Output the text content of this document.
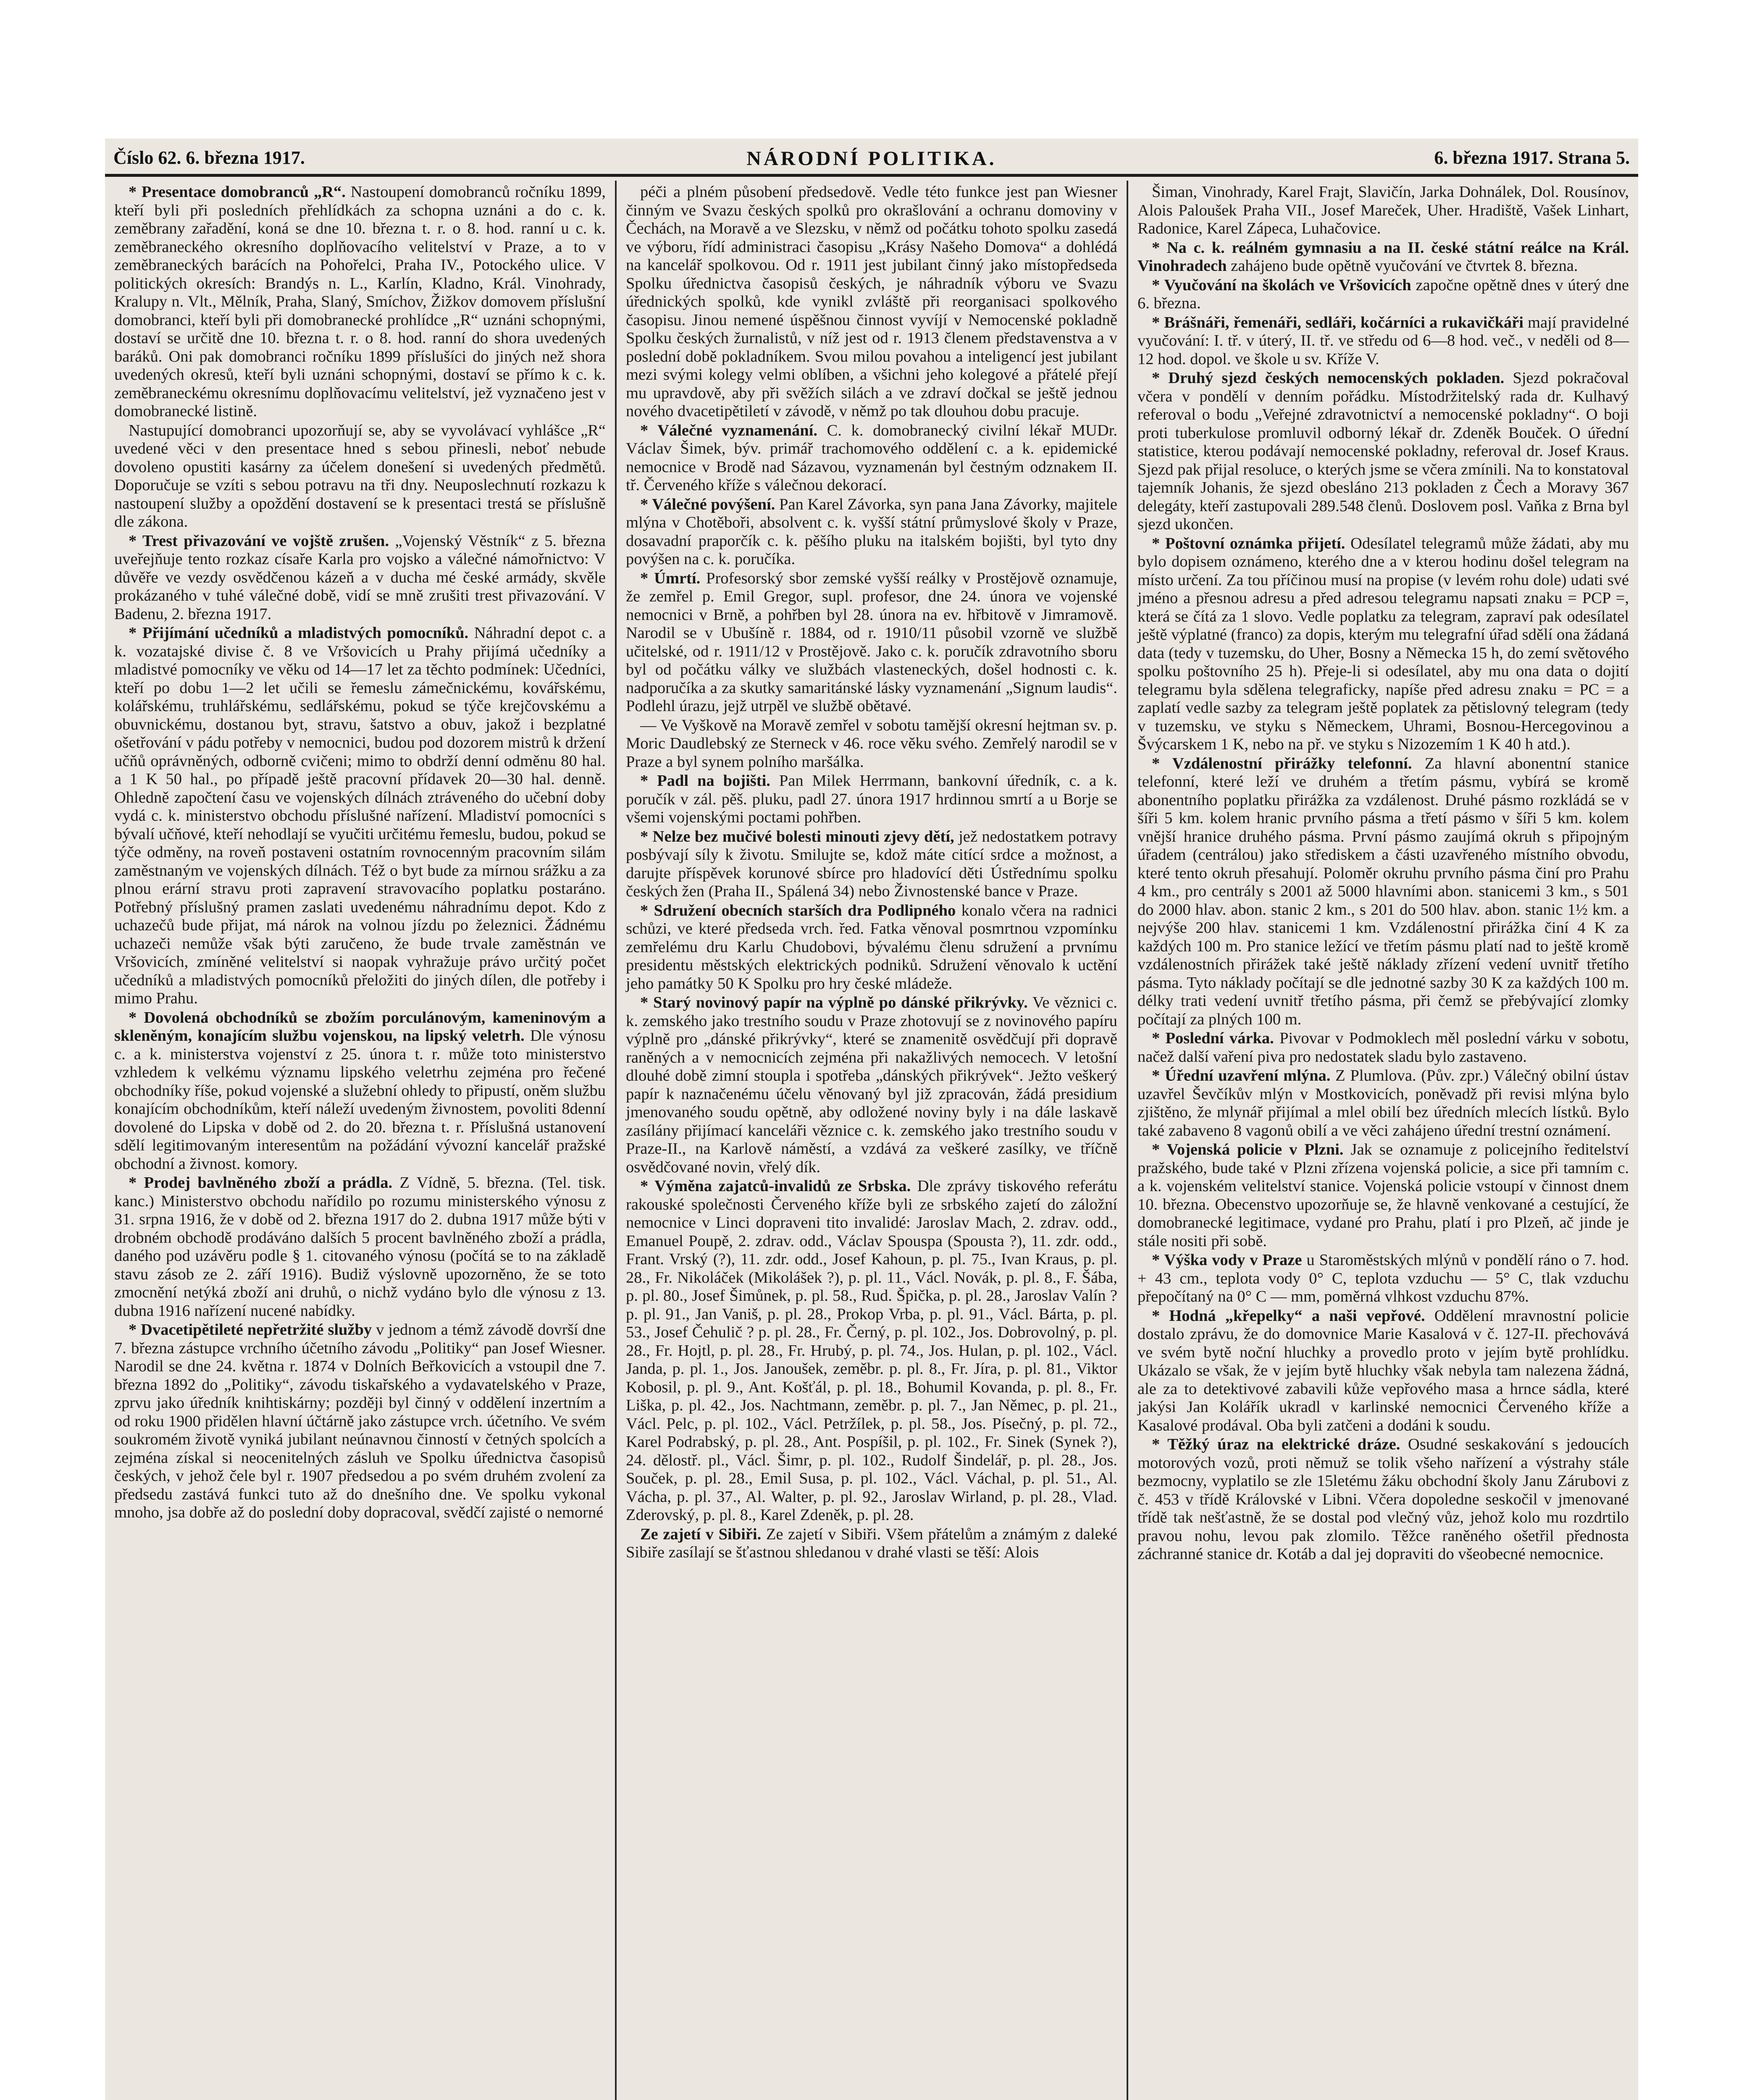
Číslo 62. 6. března 1917.	NÁRODNÍ POLITIKA.	6. března 1917. Strana 5.

* Presentace domobranců „R“. Nastoupení domobranců ročníku 1899, kteří byli při posledních přehlídkách za schopna uznáni a do c. k. zeměbrany zařadění, koná se dne 10. března t. r. o 8. hod. ranní u c. k. zeměbraneckého okresního doplňovacího velitelství v Praze, a to v zeměbraneckých barácích na Pohořelci, Praha IV., Potockého ulice. V politických okresích: Brandýs n. L., Karlín, Kladno, Král. Vinohrady, Kralupy n. Vlt., Mělník, Praha, Slaný, Smíchov, Žižkov domovem příslušní domobranci, kteří byli při domobranecké prohlídce „R“ uznáni schopnými, dostaví se určitě dne 10. března t. r. o 8. hod. ranní do shora uvedených baráků. Oni pak domobranci ročníku 1899 příslušíci do jiných než shora uvedených okresů, kteří byli uznáni schopnými, dostaví se přímo k c. k. zeměbraneckému okresnímu doplňovacímu velitelství, jež vyznačeno jest v domobranecké listině.

Nastupující domobranci upozorňují se, aby se vyvolávací vyhlášce „R“ uvedené věci v den presentace hned s sebou přinesli, neboť nebude dovoleno opustiti kasárny za účelem donešení si uvedených předmětů. Doporučuje se vzíti s sebou potravu na tři dny. Neuposlechnutí rozkazu k nastoupení služby a opoždění dostavení se k presentaci trestá se příslušně dle zákona.

* Trest přivazování ve vojště zrušen. „Vojenský Věstník“ z 5. března uveřejňuje tento rozkaz císaře Karla pro vojsko a válečné námořnictvo: V důvěře ve vezdy osvědčenou kázeň a v ducha mé české armády, skvěle prokázaného v tuhé válečné době, vidí se mně zrušiti trest přivazování. V Badenu, 2. března 1917.

* Přijímání učedníků a mladistvých pomocníků. Náhradní depot c. a k. vozatajské divise č. 8 ve Vršovicích u Prahy přijímá učedníky a mladistvé pomocníky ve věku od 14—17 let za těchto podmínek: Učedníci, kteří po dobu 1—2 let učili se řemeslu zámečnickému, kovářskému, kolářskému, truhlářskému, sedlářskému, pokud se týče krejčovskému a obuvnickému, dostanou byt, stravu, šatstvo a obuv, jakož i bezplatné ošetřování v pádu potřeby v nemocnici, budou pod dozorem mistrů k držení učňů oprávněných, odborně cvičeni; mimo to obdrží denní odměnu 80 hal. a 1 K 50 hal., po případě ještě pracovní přídavek 20—30 hal. denně. Ohledně započtení času ve vojenských dílnách ztráveného do učební doby vydá c. k. ministerstvo obchodu příslušné nařízení. Mladiství pomocníci s bývalí učňové, kteří nehodlají se vyučiti určitému řemeslu, budou, pokud se týče odměny, na roveň postaveni ostatním rovnocenným pracovním silám zaměstnaným ve vojenských dílnách. Též o byt bude za mírnou srážku a za plnou erární stravu proti zapravení stravovacího poplatku postaráno. Potřebný příslušný pramen zaslati uvedenému náhradnímu depot. Kdo z uchazečů bude přijat, má nárok na volnou jízdu po železnici. Žádnému uchazeči nemůže však býti zaručeno, že bude trvale zaměstnán ve Vršovicích, zmíněné velitelství si naopak vyhražuje právo určitý počet učedníků a mladistvých pomocníků přeložiti do jiných dílen, dle potřeby i mimo Prahu.

* Dovolená obchodníků se zbožím porculánovým, kameninovým a skleněným, konajícím službu vojenskou, na lipský veletrh. Dle výnosu c. a k. ministerstva vojenství z 25. února t. r. může toto ministerstvo vzhledem k velkému významu lipského veletrhu zejména pro řečené obchodníky říše, pokud vojenské a služební ohledy to připustí, oněm službu konajícím obchodníkům, kteří náleží uvedeným živnostem, povoliti 8denní dovolené do Lipska v době od 2. do 20. března t. r. Příslušná ustanovení sdělí legitimovaným interesentům na požádání vývozní kancelář pražské obchodní a živnost. komory.

* Prodej bavlněného zboží a prádla. Z Vídně, 5. března. (Tel. tisk. kanc.) Ministerstvo obchodu nařídilo po rozumu ministerského výnosu z 31. srpna 1916, že v době od 2. března 1917 do 2. dubna 1917 může býti v drobném obchodě prodáváno dalších 5 procent bavlněného zboží a prádla, daného pod uzávěru podle § 1. citovaného výnosu (počítá se to na základě stavu zásob ze 2. září 1916). Budiž výslovně upozorněno, že se toto zmocnění netýká zboží ani druhů, o nichž vydáno bylo dle výnosu z 13. dubna 1916 nařízení nucené nabídky.

* Dvacetipětileté nepřetržité služby v jednom a témž závodě dovrší dne 7. března zástupce vrchního účetního závodu „Politiky“ pan Josef Wiesner. Narodil se dne 24. května r. 1874 v Dolních Beřkovicích a vstoupil dne 7. března 1892 do „Politiky“, závodu tiskařského a vydavatelského v Praze, zprvu jako úředník knihtiskárny; později byl činný v oddělení inzertním a od roku 1900 přidělen hlavní účtárně jako zástupce vrch. účetního. Ve svém soukromém životě vyniká jubilant neúnavnou činností v četných spolcích a zejména získal si neocenitelných zásluh ve Spolku úřednictva časopisů českých, v jehož čele byl r. 1907 předsedou a po svém druhém zvolení za předsedu zastává funkci tuto až do dnešního dne. Ve spolku vykonal mnoho, jsa dobře až do poslední doby dopracoval, svědčí zajisté o nemorné

péči a plném působení předsedově. Vedle této funkce jest pan Wiesner činným ve Svazu českých spolků pro okrašlování a ochranu domoviny v Čechách, na Moravě a ve Slezsku, v němž od počátku tohoto spolku zasedá ve výboru, řídí administraci časopisu „Krásy Našeho Domova“ a dohlédá na kancelář spolkovou. Od r. 1911 jest jubilant činný jako místopředseda Spolku úřednictva časopisů českých, je náhradník výboru ve Svazu úřednických spolků, kde vynikl zvláště při reorganisaci spolkového časopisu. Jinou nemené úspěšnou činnost vyvíjí v Nemocenské pokladně Spolku českých žurnalistů, v níž jest od r. 1913 členem představenstva a v poslední době pokladníkem. Svou milou povahou a inteligencí jest jubilant mezi svými kolegy velmi oblíben, a všichni jeho kolegové a přátelé přejí mu upravdově, aby při svěžích silách a ve zdraví dočkal se ještě jednou nového dvacetipětiletí v závodě, v němž po tak dlouhou dobu pracuje.

* Válečné vyznamenání. C. k. domobranecký civilní lékař MUDr. Václav Šimek, býv. primář trachomového oddělení c. a k. epidemické nemocnice v Brodě nad Sázavou, vyznamenán byl čestným odznakem II. tř. Červeného kříže s válečnou dekorací.

* Válečné povýšení. Pan Karel Závorka, syn pana Jana Závorky, majitele mlýna v Chotěboři, absolvent c. k. vyšší státní průmyslové školy v Praze, dosavadní praporčík c. k. pěšího pluku na italském bojišti, byl tyto dny povýšen na c. k. poručíka.

* Úmrtí. Profesorský sbor zemské vyšší reálky v Prostějově oznamuje, že zemřel p. Emil Gregor, supl. profesor, dne 24. února ve vojenské nemocnici v Brně, a pohřben byl 28. února na ev. hřbitově v Jimramově. Narodil se v Ubušíně r. 1884, od r. 1910/11 působil vzorně ve službě učitelské, od r. 1911/12 v Prostějově. Jako c. k. poručík zdravotního sboru byl od počátku války ve službách vlasteneckých, došel hodnosti c. k. nadporučíka a za skutky samaritánské lásky vyznamenání „Signum laudis“. Podlehl úrazu, jejž utrpěl ve službě obětavé.

— Ve Vyškově na Moravě zemřel v sobotu tamější okresní hejtman sv. p. Moric Daudlebský ze Sterneck v 46. roce věku svého. Zemřelý narodil se v Praze a byl synem polního maršálka.

* Padl na bojišti. Pan Milek Herrmann, bankovní úředník, c. a k. poručík v zál. pěš. pluku, padl 27. února 1917 hrdinnou smrtí a u Borje se všemi vojenskými poctami pohřben.

* Nelze bez mučivé bolesti minouti zjevy dětí, jež nedostatkem potravy posbývají síly k životu. Smilujte se, kdož máte citící srdce a možnost, a darujte příspěvek korunové sbírce pro hladovící děti Ústřednímu spolku českých žen (Praha II., Spálená 34) nebo Živnostenské bance v Praze.

* Sdružení obecních starších dra Podlipného konalo včera na radnici schůzi, ve které předseda vrch. řed. Fatka věnoval posmrtnou vzpomínku zemřelému dru Karlu Chudobovi, bývalému členu sdružení a prvnímu presidentu městských elektrických podniků. Sdružení věnovalo k uctění jeho památky 50 K Spolku pro hry české mládeže.

* Starý novinový papír na výplně po dánské přikrývky. Ve věznici c. k. zemského jako trestního soudu v Praze zhotovují se z novinového papíru výplně pro „dánské přikrývky“, které se znamenitě osvědčují při dopravě raněných a v nemocnicích zejména při nakažlivých nemocech. V letošní dlouhé době zimní stoupla i spotřeba „dánských přikrývek“. Ježto veškerý papír k naznačenému účelu věnovaný byl již zpracován, žádá presidium jmenovaného soudu opětně, aby odložené noviny byly i na dále laskavě zasílány přijímací kanceláři věznice c. k. zemského jako trestního soudu v Praze-II., na Karlově náměstí, a vzdává za veškeré zasílky, ve tříčně osvědčované novin, vřelý dík.

* Výměna zajatců-invalidů ze Srbska. Dle zprávy tiskového referátu rakouské společnosti Červeného kříže byli ze srbského zajetí do záložní nemocnice v Linci dopraveni tito invalidé: Jaroslav Mach, 2. zdrav. odd., Emanuel Poupě, 2. zdrav. odd., Václav Spouspa (Spousta ?), 11. zdr. odd., Frant. Vrský (?), 11. zdr. odd., Josef Kahoun, p. pl. 75., Ivan Kraus, p. pl. 28., Fr. Nikoláček (Mikolášek ?), p. pl. 11., Václ. Novák, p. pl. 8., F. Šába, p. pl. 80., Josef Šimůnek, p. pl. 58., Rud. Špička, p. pl. 28., Jaroslav Valín ? p. pl. 91., Jan Vaniš, p. pl. 28., Prokop Vrba, p. pl. 91., Václ. Bárta, p. pl. 53., Josef Čehulič ? p. pl. 28., Fr. Černý, p. pl. 102., Jos. Dobrovolný, p. pl. 28., Fr. Hojtl, p. pl. 28., Fr. Hrubý, p. pl. 74., Jos. Hulan, p. pl. 102., Václ. Janda, p. pl. 1., Jos. Janoušek, zeměbr. p. pl. 8., Fr. Jíra, p. pl. 81., Viktor Kobosil, p. pl. 9., Ant. Košťál, p. pl. 18., Bohumil Kovanda, p. pl. 8., Fr. Liška, p. pl. 42., Jos. Nachtmann, zeměbr. p. pl. 7., Jan Němec, p. pl. 21., Václ. Pelc, p. pl. 102., Václ. Petržílek, p. pl. 58., Jos. Písečný, p. pl. 72., Karel Podrabský, p. pl. 28., Ant. Pospíšil, p. pl. 102., Fr. Sinek (Synek ?), 24. dělostř. pl., Václ. Šimr, p. pl. 102., Rudolf Šindelář, p. pl. 28., Jos. Souček, p. pl. 28., Emil Susa, p. pl. 102., Václ. Váchal, p. pl. 51., Al. Vácha, p. pl. 37., Al. Walter, p. pl. 92., Jaroslav Wirland, p. pl. 28., Vlad. Zderovský, p. pl. 8., Karel Zdeněk, p. pl. 28.

Ze zajetí v Sibiři. Ze zajetí v Sibiři. Všem přátelům a známým z daleké Sibiře zasílají se šťastnou shledanou v drahé vlasti se těší: Alois

Šiman, Vinohrady, Karel Frajt, Slavičín, Jarka Dohnálek, Dol. Rousínov, Alois Paloušek Praha VII., Josef Mareček, Uher. Hradiště, Vašek Linhart, Radonice, Karel Zápeca, Luhačovice.

* Na c. k. reálném gymnasiu a na II. české státní reálce na Král. Vinohradech zahájeno bude opětně vyučování ve čtvrtek 8. března.

* Vyučování na školách ve Vršovicích započne opětně dnes v úterý dne 6. března.

* Brášnáři, řemenáři, sedláři, kočárníci a rukavičkáři mají pravidelné vyučování: I. tř. v úterý, II. tř. ve středu od 6—8 hod. več., v neděli od 8—12 hod. dopol. ve škole u sv. Kříže V.

* Druhý sjezd českých nemocenských pokladen. Sjezd pokračoval včera v pondělí v denním pořádku. Místodržitelský rada dr. Kulhavý referoval o bodu „Veřejné zdravotnictví a nemocenské pokladny“. O boji proti tuberkulose promluvil odborný lékař dr. Zdeněk Bouček. O úřední statistice, kterou podávají nemocenské pokladny, referoval dr. Josef Kraus. Sjezd pak přijal resoluce, o kterých jsme se včera zmínili. Na to konstatoval tajemník Johanis, že sjezd obesláno 213 pokladen z Čech a Moravy 367 delegáty, kteří zastupovali 289.548 členů. Doslovem posl. Vaňka z Brna byl sjezd ukončen.

* Poštovní oznámka přijetí. Odesílatel telegramů může žádati, aby mu bylo dopisem oznámeno, kterého dne a v kterou hodinu došel telegram na místo určení. Za tou příčinou musí na propise (v levém rohu dole) udati své jméno a přesnou adresu a před adresou telegramu napsati znaku = PCP =, která se čítá za 1 slovo. Vedle poplatku za telegram, zapraví pak odesílatel ještě výplatné (franco) za dopis, kterým mu telegrafní úřad sdělí ona žádaná data (tedy v tuzemsku, do Uher, Bosny a Německa 15 h, do zemí světového spolku poštovního 25 h). Přeje-li si odesílatel, aby mu ona data o dojití telegramu byla sdělena telegraficky, napíše před adresu znaku = PC = a zaplatí vedle sazby za telegram ještě poplatek za pětislovný telegram (tedy v tuzemsku, ve styku s Německem, Uhrami, Bosnou-Hercegovinou a Švýcarskem 1 K, nebo na př. ve styku s Nizozemím 1 K 40 h atd.).

* Vzdálenostní přirážky telefonní. Za hlavní abonentní stanice telefonní, které leží ve druhém a třetím pásmu, vybírá se kromě abonentního poplatku přirážka za vzdálenost. Druhé pásmo rozkládá se v šíři 5 km. kolem hranic prvního pásma a třetí pásmo v šíři 5 km. kolem vnější hranice druhého pásma. První pásmo zaujímá okruh s připojným úřadem (centrálou) jako střediskem a části uzavřeného místního obvodu, které tento okruh přesahují. Poloměr okruhu prvního pásma činí pro Prahu 4 km., pro centrály s 2001 až 5000 hlavními abon. stanicemi 3 km., s 501 do 2000 hlav. abon. stanic 2 km., s 201 do 500 hlav. abon. stanic 1½ km. a nejvýše 200 hlav. stanicemi 1 km. Vzdálenostní přirážka činí 4 K za každých 100 m. Pro stanice ležící ve třetím pásmu platí nad to ještě kromě vzdálenostních přirážek také ještě náklady zřízení vedení uvnitř třetího pásma. Tyto náklady počítají se dle jednotné sazby 30 K za každých 100 m. délky trati vedení uvnitř třetího pásma, při čemž se přebývající zlomky počítají za plných 100 m.

* Poslední várka. Pivovar v Podmoklech měl poslední várku v sobotu, načež další vaření piva pro nedostatek sladu bylo zastaveno.

* Úřední uzavření mlýna. Z Plumlova. (Pův. zpr.) Válečný obilní ústav uzavřel Ševčíkův mlýn v Mostkovicích, poněvadž při revisi mlýna bylo zjištěno, že mlynář přijímal a mlel obilí bez úředních mlecích lístků. Bylo také zabaveno 8 vagonů obilí a ve věci zahájeno úřední trestní oznámení.

* Vojenská policie v Plzni. Jak se oznamuje z policejního ředitelství pražského, bude také v Plzni zřízena vojenská policie, a sice při tamním c. a k. vojenském velitelství stanice. Vojenská policie vstoupí v činnost dnem 10. března. Obecenstvo upozorňuje se, že hlavně venkované a cestující, že domobranecké legitimace, vydané pro Prahu, platí i pro Plzeň, ač jinde je stále nositi při sobě.

* Výška vody v Praze u Staroměstských mlýnů v pondělí ráno o 7. hod. + 43 cm., teplota vody 0° C, teplota vzduchu — 5° C, tlak vzduchu přepočítaný na 0° C — mm, poměrná vlhkost vzduchu 87%.

* Hodná „křepelky“ a naši vepřové. Oddělení mravnostní policie dostalo zprávu, že do domovnice Marie Kasalová v č. 127-II. přechovává ve svém bytě noční hluchky a provedlo proto v jejím bytě prohlídku. Ukázalo se však, že v jejím bytě hluchky však nebyla tam nalezena žádná, ale za to detektivové zabavili kůže vepřového masa a hrnce sádla, které jakýsi Jan Kolářík ukradl v karlinské nemocnici Červeného kříže a Kasalové prodával. Oba byli zatčeni a dodáni k soudu.

* Těžký úraz na elektrické dráze. Osudné seskakování s jedoucích motorových vozů, proti němuž se tolik všeho nařízení a výstrahy stále bezmocny, vyplatilo se zle 15letému žáku obchodní školy Janu Zárubovi z č. 453 v třídě Královské v Libni. Včera dopoledne seskočil v jmenované třídě tak nešťastně, že se dostal pod vlečný vůz, jehož kolo mu rozdrtilo pravou nohu, levou pak zlomilo. Těžce raněného ošetřil přednosta záchranné stanice dr. Kotáb a dal jej dopraviti do všeobecné nemocnice.
